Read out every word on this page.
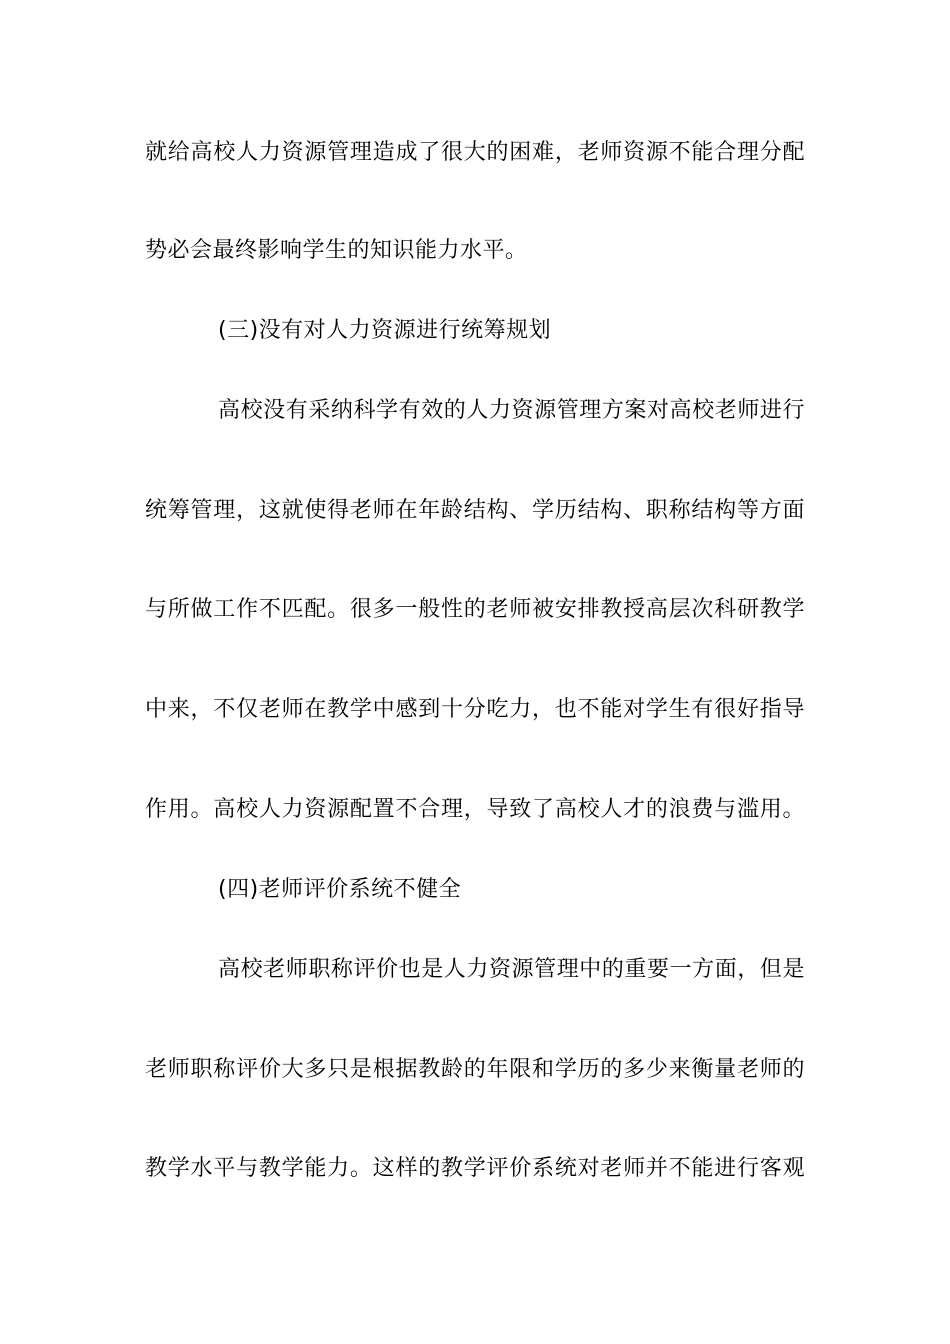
就给高校人力资源管理造成了很大的困难，老师资源不能合理分配
势必会最终影响学生的知识能力水平。
(三)没有对人力资源进行统筹规划
高校没有采纳科学有效的人力资源管理方案对高校老师进行
统筹管理，这就使得老师在年龄结构、学历结构、职称结构等方面
与所做工作不匹配。很多一般性的老师被安排教授高层次科研教学
中来，不仅老师在教学中感到十分吃力，也不能对学生有很好指导
作用。高校人力资源配置不合理，导致了高校人才的浪费与滥用。
(四)老师评价系统不健全
高校老师职称评价也是人力资源管理中的重要一方面，但是
老师职称评价大多只是根据教龄的年限和学历的多少来衡量老师的
教学水平与教学能力。这样的教学评价系统对老师并不能进行客观
